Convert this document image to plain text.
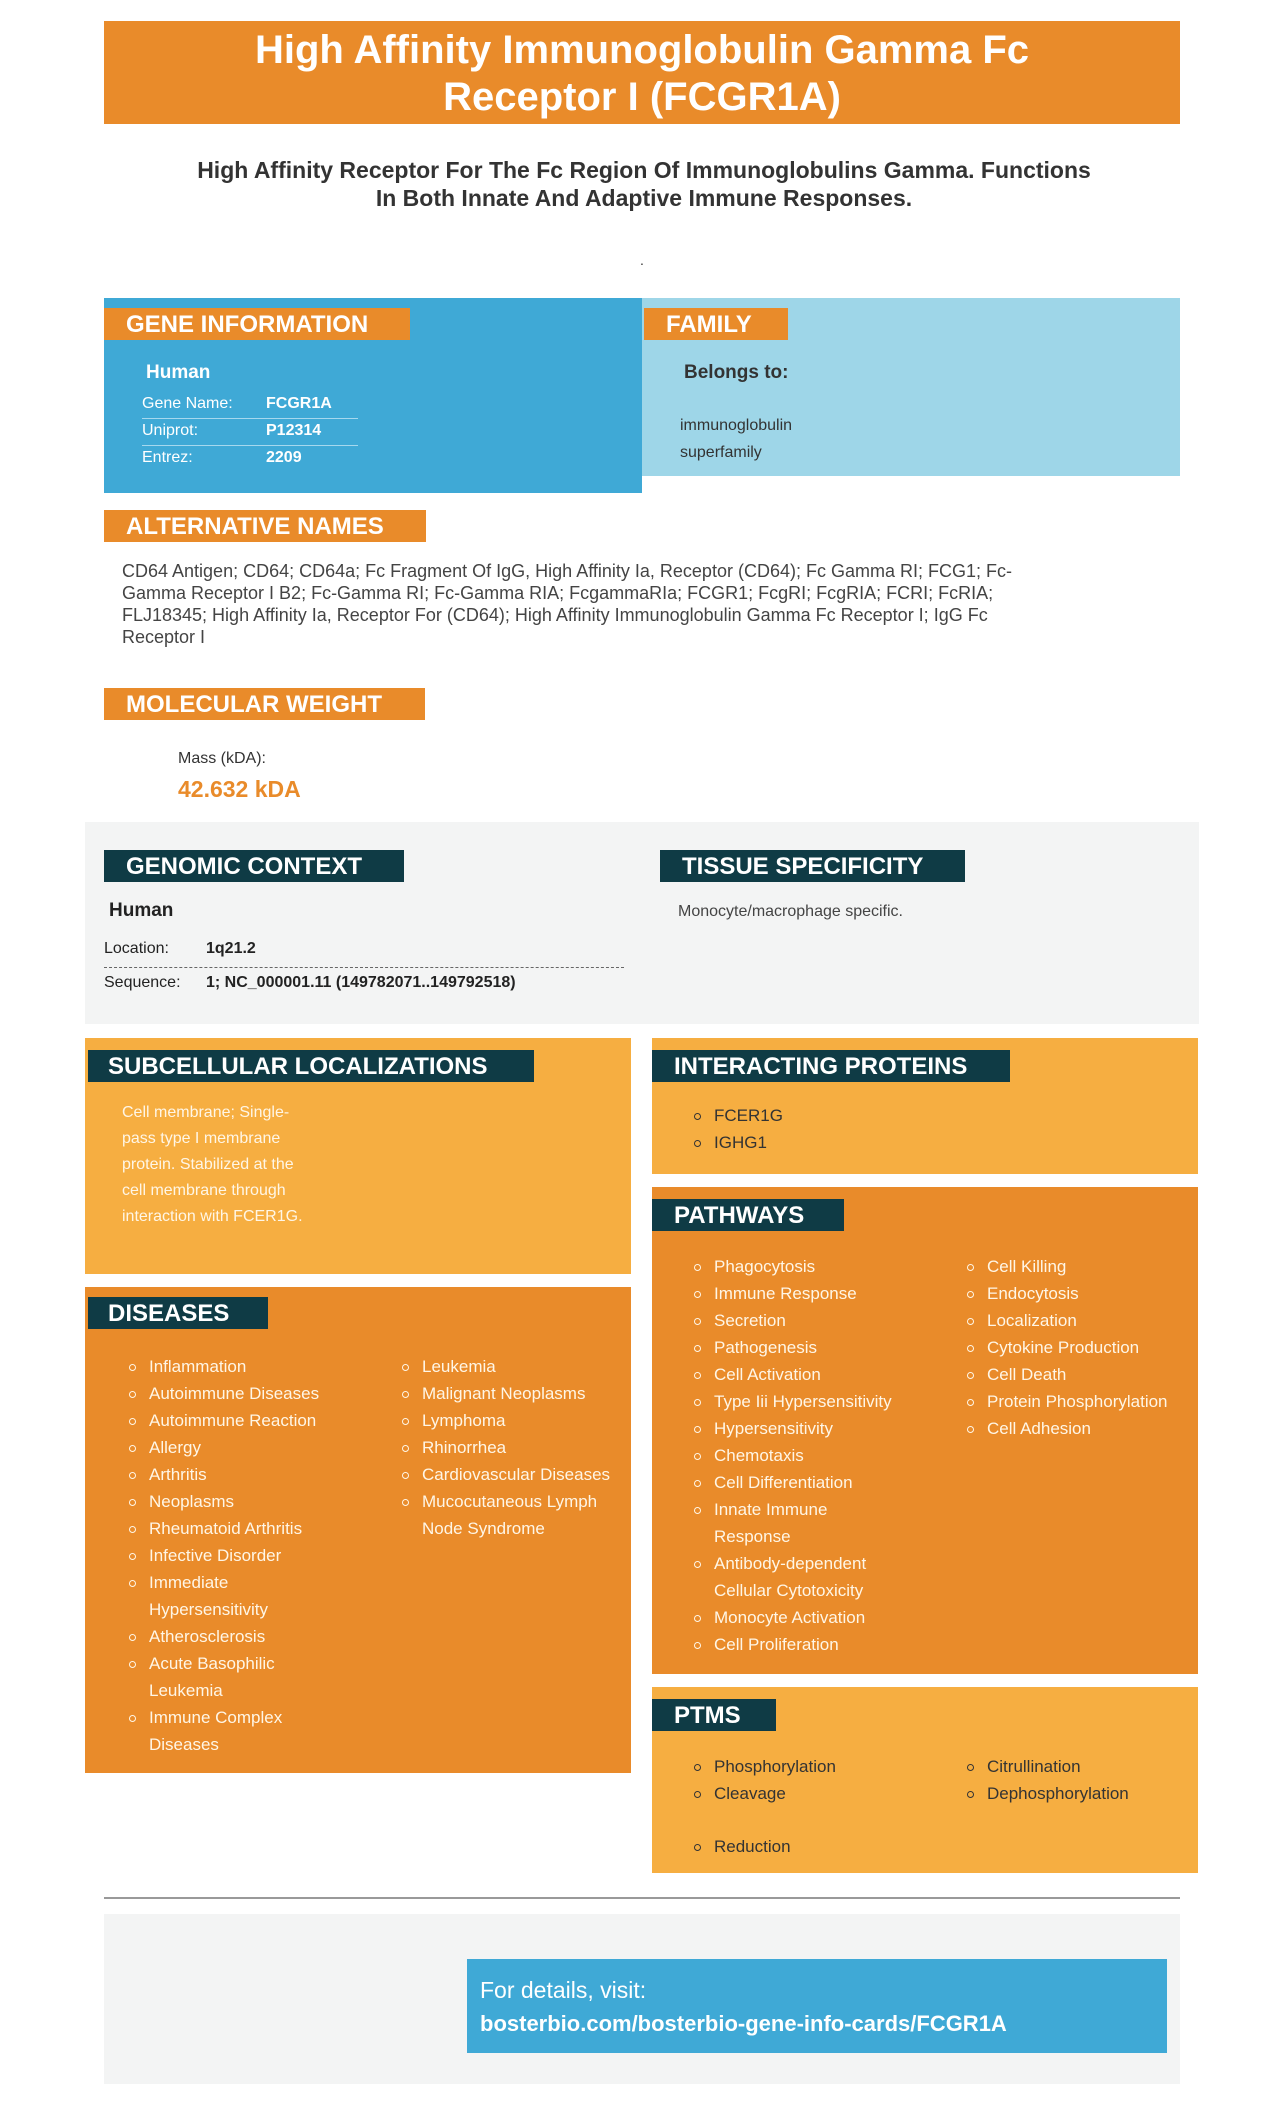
High Affinity Immunoglobulin Gamma Fc
Receptor I (FCGR1A)
High Affinity Receptor For The Fc Region Of Immunoglobulins Gamma. Functions
In Both Innate And Adaptive Immune Responses.
.
GENE INFORMATION
Human
Gene Name: FCGR1A
Uniprot:	P12314
Entrez:	2209
FAMILY
Belongs to:
immunoglobulin
superfamily
ALTERNATIVE NAMES
CD64 Antigen; CD64; CD64a; Fc Fragment Of IgG, High Affinity Ia, Receptor (CD64); Fc Gamma RI; FCG1; Fc-
Gamma Receptor I B2; Fc-Gamma RI; Fc-Gamma RIA; FcgammaRIa; FCGR1; FcgRI; FcgRIA; FCRI; FcRIA;
FLJ18345; High Affinity Ia, Receptor For (CD64); High Affinity Immunoglobulin Gamma Fc Receptor I; IgG Fc
Receptor I
MOLECULAR WEIGHT
Mass (kDA):
42.632 kDA
GENOMIC CONTEXT
Human
Location: 1q21.2
Sequence: 1; NC_000001.11 (149782071..149792518)
TISSUE SPECIFICITY
Monocyte/macrophage specific.
SUBCELLULAR LOCALIZATIONS
Cell membrane; Single-
pass type I membrane
protein. Stabilized at the
cell membrane through
interaction with FCER1G.
INTERACTING PROTEINS
FCER1G
IGHG1
DISEASES
Inflammation
Autoimmune Diseases
Autoimmune Reaction
Allergy
Arthritis
Neoplasms
Rheumatoid Arthritis
Infective Disorder
Immediate Hypersensitivity
Atherosclerosis
Acute Basophilic Leukemia
Immune Complex Diseases
Leukemia
Malignant Neoplasms
Lymphoma
Rhinorrhea
Cardiovascular Diseases
Mucocutaneous Lymph Node Syndrome
PATHWAYS
Phagocytosis
Immune Response
Secretion
Pathogenesis
Cell Activation
Type Iii Hypersensitivity
Hypersensitivity
Chemotaxis
Cell Differentiation
Innate Immune Response
Antibody-dependent Cellular Cytotoxicity
Monocyte Activation
Cell Proliferation
Cell Killing
Endocytosis
Localization
Cytokine Production
Cell Death
Protein Phosphorylation
Cell Adhesion
PTMS
Phosphorylation
Cleavage
Citrullination
Dephosphorylation
Reduction
For details, visit:
bosterbio.com/bosterbio-gene-info-cards/FCGR1A
